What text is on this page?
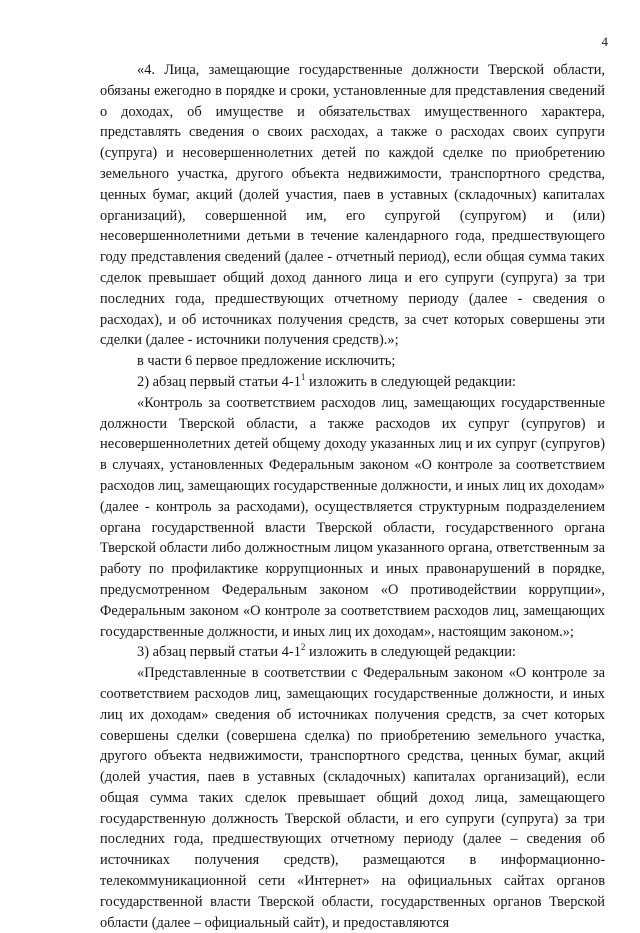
4

«4. Лица, замещающие государственные должности Тверской области, обязаны ежегодно в порядке и сроки, установленные для представления сведений о доходах, об имуществе и обязательствах имущественного характера, представлять сведения о своих расходах, а также о расходах своих супруги (супруга) и несовершеннолетних детей по каждой сделке по приобретению земельного участка, другого объекта недвижимости, транспортного средства, ценных бумаг, акций (долей участия, паев в уставных (складочных) капиталах организаций), совершенной им, его супругой (супругом) и (или) несовершеннолетними детьми в течение календарного года, предшествующего году представления сведений (далее - отчетный период), если общая сумма таких сделок превышает общий доход данного лица и его супруги (супруга) за три последних года, предшествующих отчетному периоду (далее - сведения о расходах), и об источниках получения средств, за счет которых совершены эти сделки (далее - источники получения средств).»;

в части 6 первое предложение исключить;

2) абзац первый статьи $4-1^1$ изложить в следующей редакции:

«Контроль за соответствием расходов лиц, замещающих государственные должности Тверской области, а также расходов их супруг (супругов) и несовершеннолетних детей общему доходу указанных лиц и их супруг (супругов) в случаях, установленных Федеральным законом «О контроле за соответствием расходов лиц, замещающих государственные должности, и иных лиц их доходам» (далее - контроль за расходами), осуществляется структурным подразделением органа государственной власти Тверской области, государственного органа Тверской области либо должностным лицом указанного органа, ответственным за работу по профилактике коррупционных и иных правонарушений в порядке, предусмотренном Федеральным законом «О противодействии коррупции», Федеральным законом «О контроле за соответствием расходов лиц, замещающих государственные должности, и иных лиц их доходам», настоящим законом.»;

3) абзац первый статьи $4-1^2$ изложить в следующей редакции:

«Представленные в соответствии с Федеральным законом «О контроле за соответствием расходов лиц, замещающих государственные должности, и иных лиц их доходам» сведения об источниках получения средств, за счет которых совершены сделки (совершена сделка) по приобретению земельного участка, другого объекта недвижимости, транспортного средства, ценных бумаг, акций (долей участия, паев в уставных (складочных) капиталах организаций), если общая сумма таких сделок превышает общий доход лица, замещающего государственную должность Тверской области, и его супруги (супруга) за три последних года, предшествующих отчетному периоду (далее – сведения об источниках получения средств), размещаются в информационно-телекоммуникационной сети «Интернет» на официальных сайтах органов государственной власти Тверской области, государственных органов Тверской области (далее – официальный сайт), и предоставляются
